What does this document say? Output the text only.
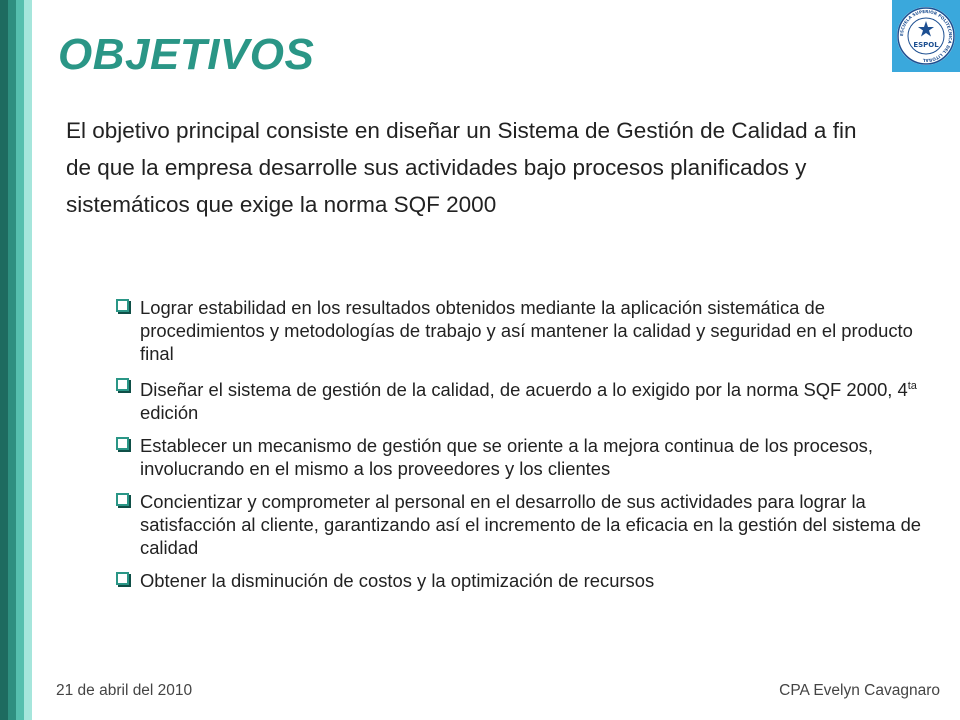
OBJETIVOS	ESCUELA SUPERIOR POLITECNICA DEL LITORAL
ESPOL

El objetivo principal consiste en diseñar un Sistema de Gestión de Calidad a fin de que la empresa desarrolle sus actividades bajo procesos planificados y sistemáticos que exige la norma SQF 2000

Lograr estabilidad en los resultados obtenidos mediante la aplicación sistemática de procedimientos y metodologías de trabajo y así mantener la calidad y seguridad en el producto final
Diseñar el sistema de gestión de la calidad, de acuerdo a lo exigido por la norma SQF 2000, $4^{ta}$ edición
Establecer un mecanismo de gestión que se oriente a la mejora continua de los procesos, involucrando en el mismo a los proveedores y los clientes
Concientizar y comprometer al personal en el desarrollo de sus actividades para lograr la satisfacción al cliente, garantizando así el incremento de la eficacia en la gestión del sistema de calidad
Obtener la disminución de costos y la optimización de recursos
21 de abril del 2010	CPA Evelyn Cavagnaro
